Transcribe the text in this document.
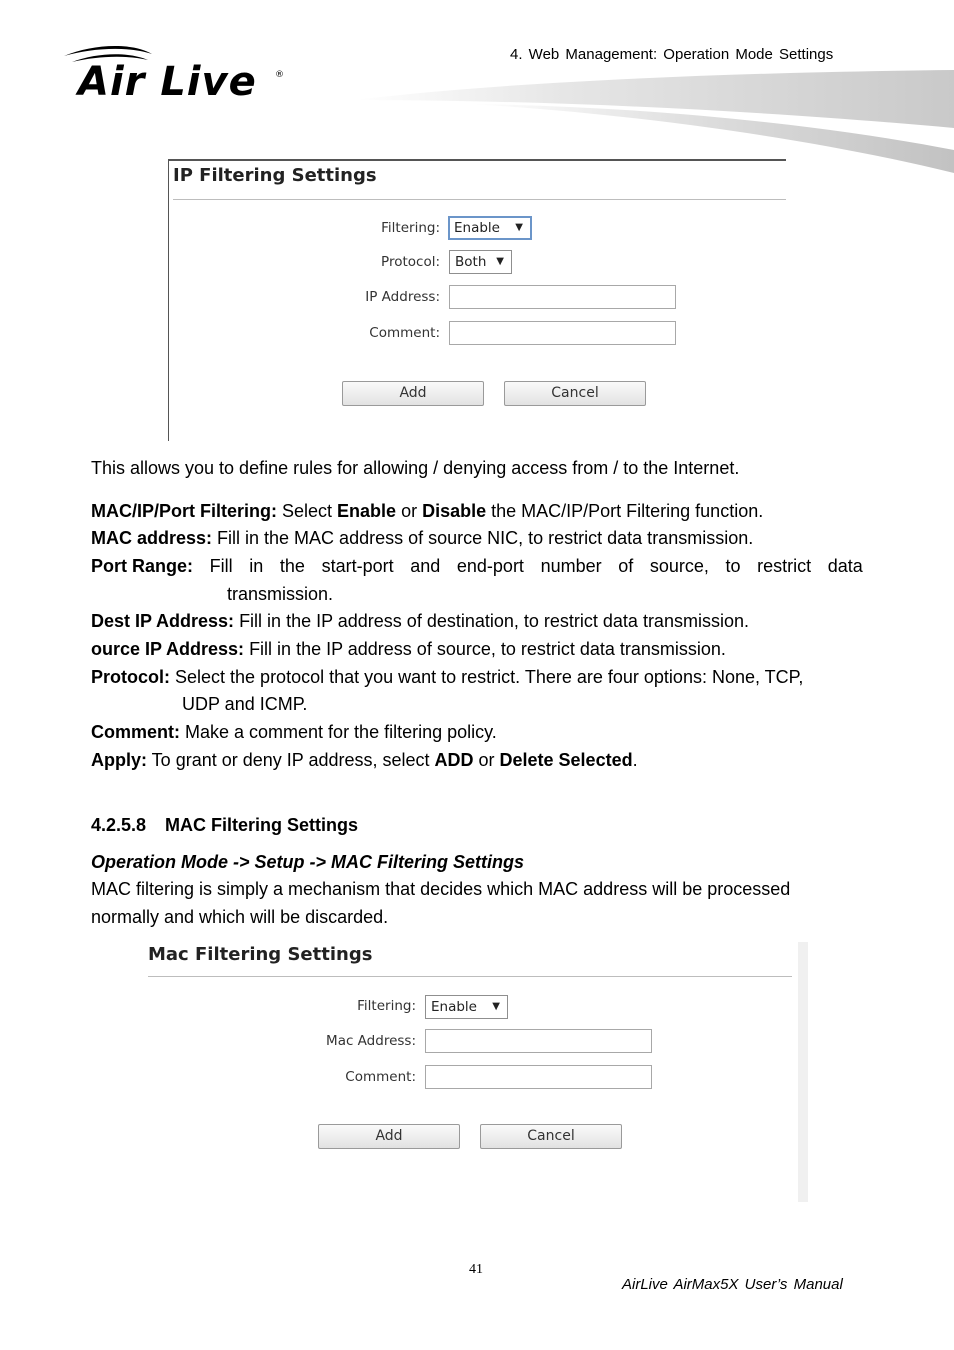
Air Live ®
4. Web Management: Operation Mode Settings
IP Filtering Settings
Filtering:	Enable ▼
Protocol:	Both ▼
IP Address:
Comment:
Add	Cancel
This allows you to define rules for allowing / denying access from / to the Internet.
MAC/IP/Port Filtering: Select Enable or Disable the MAC/IP/Port Filtering function.
MAC address: Fill in the MAC address of source NIC, to restrict data transmission.
Port Range: Fill in the start-port and end-port number of source, to restrict data
transmission.
Dest IP Address: Fill in the IP address of destination, to restrict data transmission.
ource IP Address: Fill in the IP address of source, to restrict data transmission.
Protocol: Select the protocol that you want to restrict. There are four options: None, TCP,
UDP and ICMP.
Comment: Make a comment for the filtering policy.
Apply: To grant or deny IP address, select ADD or Delete Selected.
4.2.5.8 MAC Filtering Settings
Operation Mode -> Setup -> MAC Filtering Settings
MAC filtering is simply a mechanism that decides which MAC address will be processed
normally and which will be discarded.
Mac Filtering Settings
Filtering:	Enable ▼
Mac Address:
Comment:
Add	Cancel
41
AirLive AirMax5X User’s Manual
